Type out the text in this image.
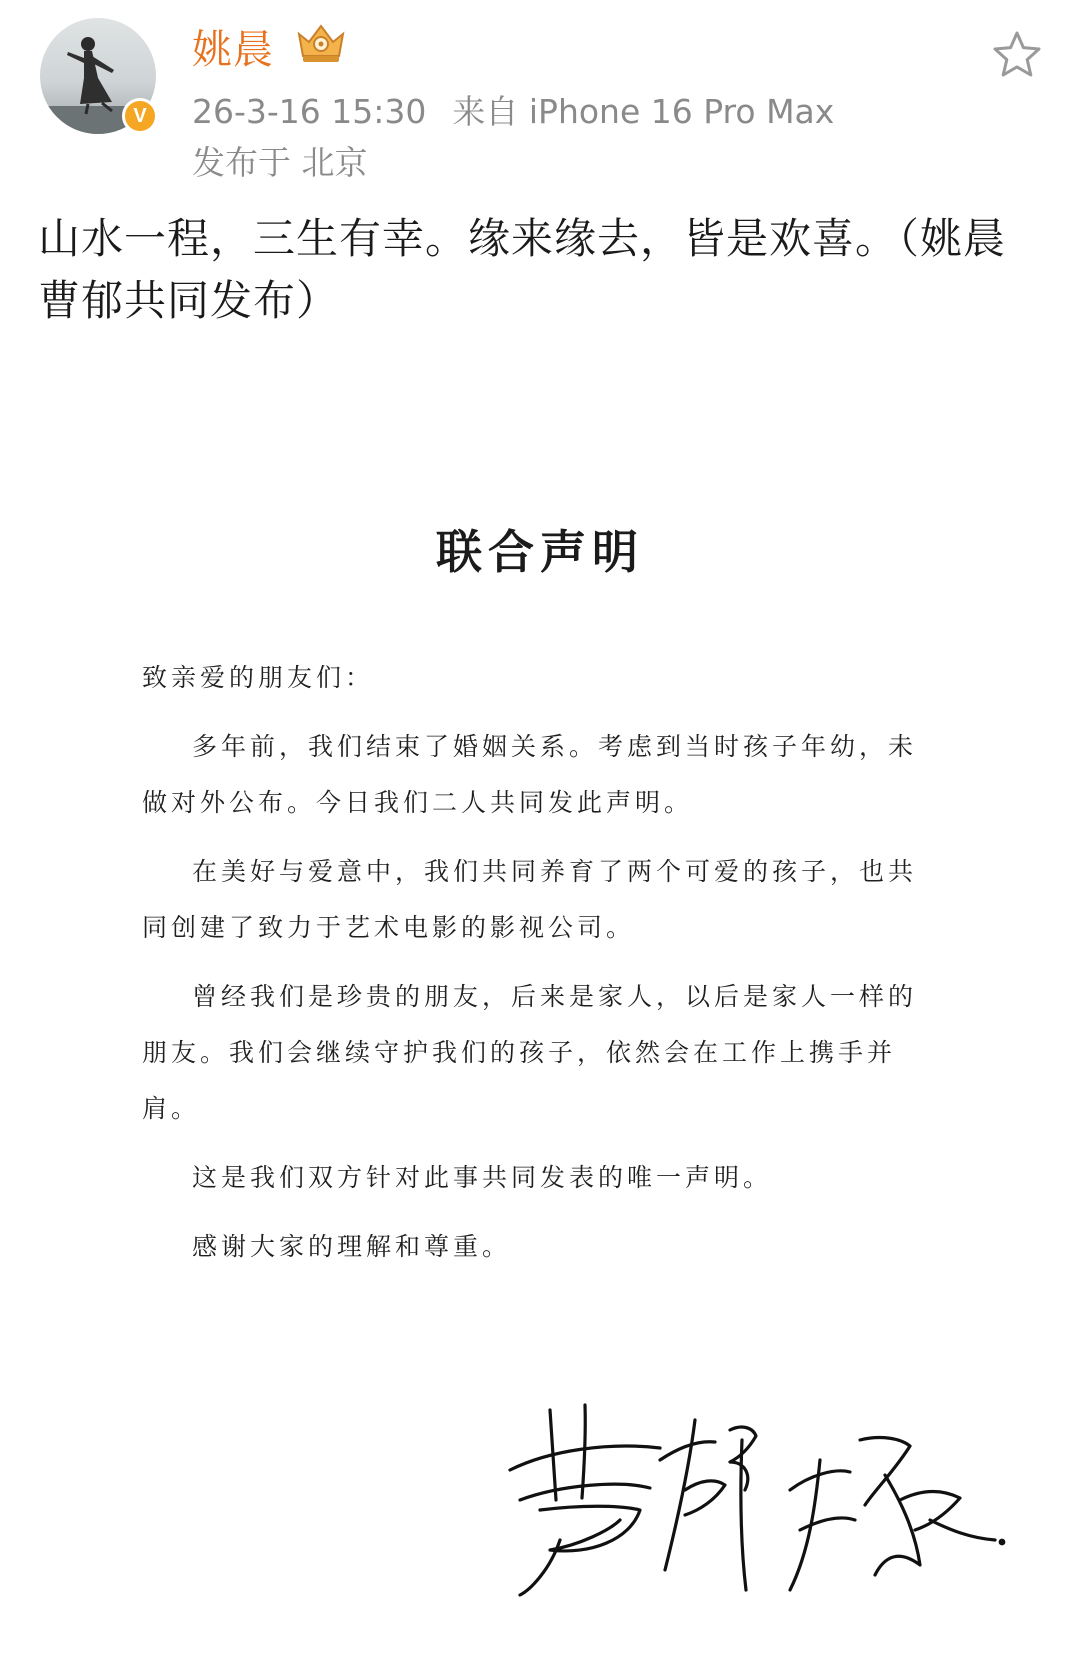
V
姚晨
26-3-16 15:30 来自 iPhone 16 Pro Max
发布于 北京
山水一程，三生有幸。缘来缘去，皆是欢喜。（姚晨曹郁共同发布）
联合声明

致亲爱的朋友们：

多年前，我们结束了婚姻关系。考虑到当时孩子年幼，未做对外公布。今日我们二人共同发此声明。

在美好与爱意中，我们共同养育了两个可爱的孩子，也共同创建了致力于艺术电影的影视公司。

曾经我们是珍贵的朋友，后来是家人，以后是家人一样的朋友。我们会继续守护我们的孩子，依然会在工作上携手并肩。

这是我们双方针对此事共同发表的唯一声明。

感谢大家的理解和尊重。
